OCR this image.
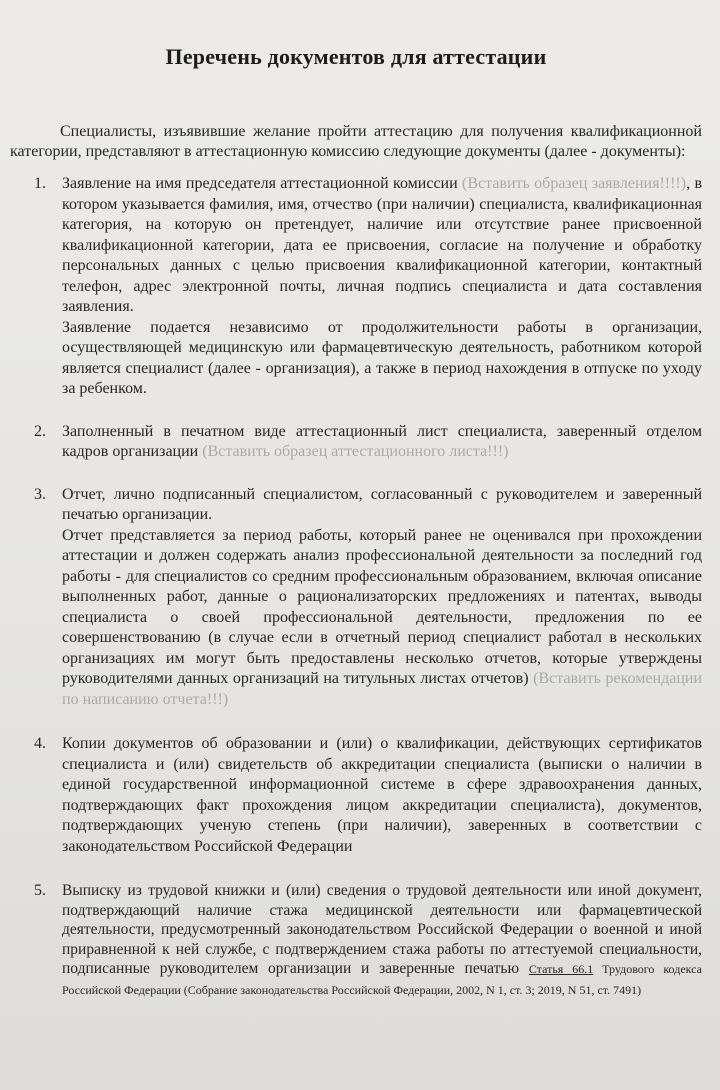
Перечень документов для аттестации

Специалисты, изъявившие желание пройти аттестацию для получения квалификационной категории, представляют в аттестационную комиссию следующие документы (далее - документы):

1. Заявление на имя председателя аттестационной комиссии (Вставить образец заявления!!!!), в котором указывается фамилия, имя, отчество (при наличии) специалиста, квалификационная категория, на которую он претендует, наличие или отсутствие ранее присвоенной квалификационной категории, дата ее присвоения, согласие на получение и обработку персональных данных с целью присвоения квалификационной категории, контактный телефон, адрес электронной почты, личная подпись специалиста и дата составления заявления.

Заявление подается независимо от продолжительности работы в организации, осуществляющей медицинскую или фармацевтическую деятельность, работником которой является специалист (далее - организация), а также в период нахождения в отпуске по уходу за ребенком.

2. Заполненный в печатном виде аттестационный лист специалиста, заверенный отделом кадров организации (Вставить образец аттестационного листа!!!)

3. Отчет, лично подписанный специалистом, согласованный с руководителем и заверенный печатью организации.

Отчет представляется за период работы, который ранее не оценивался при прохождении аттестации и должен содержать анализ профессиональной деятельности за последний год работы - для специалистов со средним профессиональным образованием, включая описание выполненных работ, данные о рационализаторских предложениях и патентах, выводы специалиста о своей профессиональной деятельности, предложения по ее совершенствованию (в случае если в отчетный период специалист работал в нескольких организациях им могут быть предоставлены несколько отчетов, которые утверждены руководителями данных организаций на титульных листах отчетов) (Вставить рекомендации по написанию отчета!!!)

4. Копии документов об образовании и (или) о квалификации, действующих сертификатов специалиста и (или) свидетельств об аккредитации специалиста (выписки о наличии в единой государственной информационной системе в сфере здравоохранения данных, подтверждающих факт прохождения лицом аккредитации специалиста), документов, подтверждающих ученую степень (при наличии), заверенных в соответствии с законодательством Российской Федерации

5. Выписку из трудовой книжки и (или) сведения о трудовой деятельности или иной документ, подтверждающий наличие стажа медицинской деятельности или фармацевтической деятельности, предусмотренный законодательством Российской Федерации о военной и иной приравненной к ней службе, с подтверждением стажа работы по аттестуемой специальности, подписанные руководителем организации и заверенные печатью Статья 66.1 Трудового кодекса Российской Федерации (Собрание законодательства Российской Федерации, 2002, N 1, ст. 3; 2019, N 51, ст. 7491)
